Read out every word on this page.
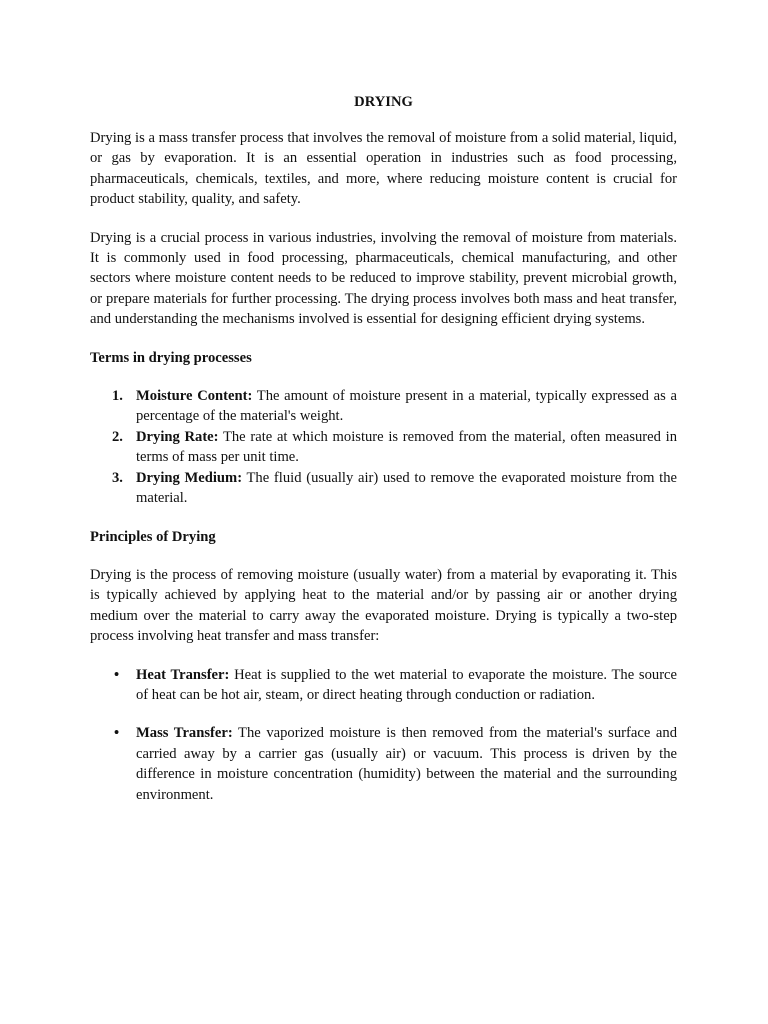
DRYING

Drying is a mass transfer process that involves the removal of moisture from a solid material, liquid, or gas by evaporation. It is an essential operation in industries such as food processing, pharmaceuticals, chemicals, textiles, and more, where reducing moisture content is crucial for product stability, quality, and safety.

Drying is a crucial process in various industries, involving the removal of moisture from materials. It is commonly used in food processing, pharmaceuticals, chemical manufacturing, and other sectors where moisture content needs to be reduced to improve stability, prevent microbial growth, or prepare materials for further processing. The drying process involves both mass and heat transfer, and understanding the mechanisms involved is essential for designing efficient drying systems.

Terms in drying processes

1. Moisture Content: The amount of moisture present in a material, typically expressed as a percentage of the material's weight.
2. Drying Rate: The rate at which moisture is removed from the material, often measured in terms of mass per unit time.
3. Drying Medium: The fluid (usually air) used to remove the evaporated moisture from the material.

Principles of Drying

Drying is the process of removing moisture (usually water) from a material by evaporating it. This is typically achieved by applying heat to the material and/or by passing air or another drying medium over the material to carry away the evaporated moisture. Drying is typically a two-step process involving heat transfer and mass transfer:

• Heat Transfer: Heat is supplied to the wet material to evaporate the moisture. The source of heat can be hot air, steam, or direct heating through conduction or radiation.
• Mass Transfer: The vaporized moisture is then removed from the material's surface and carried away by a carrier gas (usually air) or vacuum. This process is driven by the difference in moisture concentration (humidity) between the material and the surrounding environment.
